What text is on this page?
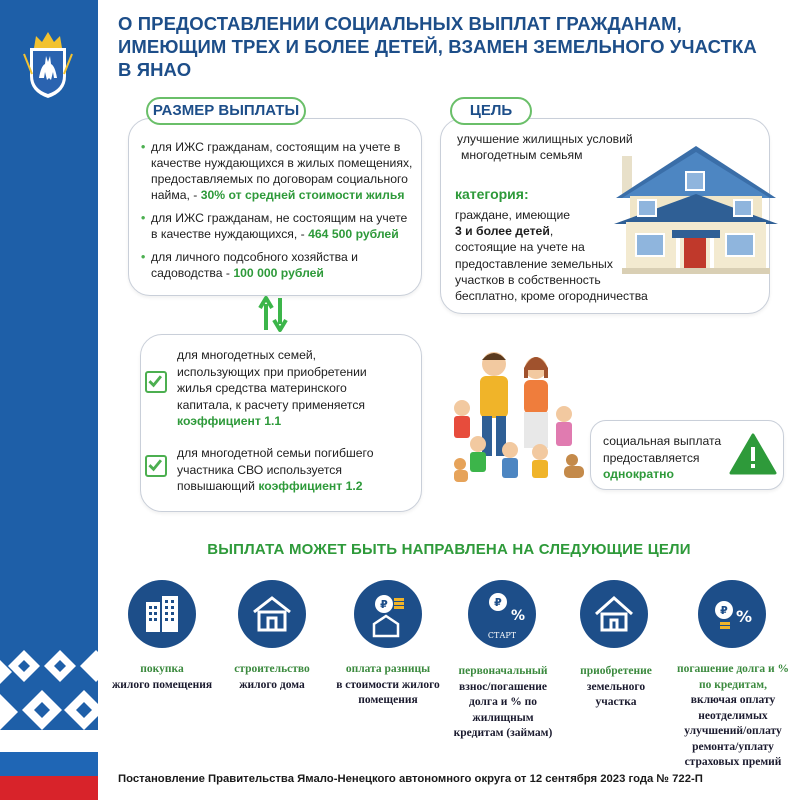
О ПРЕДОСТАВЛЕНИИ СОЦИАЛЬНЫХ ВЫПЛАТ ГРАЖДАНАМ,
ИМЕЮЩИМ ТРЕХ И БОЛЕЕ ДЕТЕЙ, ВЗАМЕН ЗЕМЕЛЬНОГО УЧАСТКА
В ЯНАО
• для ИЖС гражданам, состоящим на учете в качестве нуждающихся в жилых помещениях, предоставляемых по договорам социального найма, - 30% от средней стоимости жилья
• для ИЖС гражданам, не состоящим на учете в качестве нуждающихся, - 464 500 рублей
• для личного подсобного хозяйства и садоводства - 100 000 рублей
РАЗМЕР ВЫПЛАТЫ
улучшение жилищных условий
многодетным семьям
категория:
граждане, имеющие
3 и более детей,
состоящие на учете на
предоставление земельных
участков в собственность
бесплатно, кроме огородничества
ЦЕЛЬ
для многодетных семей, использующих при приобретении жилья средства материнского капитала, к расчету применяется коэффициент 1.1
для многодетной семьи погибшего участника СВО используется повышающий коэффициент 1.2
социальная выплата предоставляется
однократно
ВЫПЛАТА МОЖЕТ БЫТЬ НАПРАВЛЕНА НА СЛЕДУЮЩИЕ ЦЕЛИ
₽	₽
%
СТАРТ
₽ %
покупка
жилого помещения
строительство
жилого дома
оплата разницы
в стоимости жилого помещения
первоначальный
взнос/погашение долга и % по жилищным кредитам (займам)
приобретение
земельного участка
погашение долга и % по кредитам,
включая оплату неотделимых улучшений/оплату ремонта/уплату страховых премий
Постановление Правительства Ямало-Ненецкого автономного округа от 12 сентября 2023 года № 722-П
